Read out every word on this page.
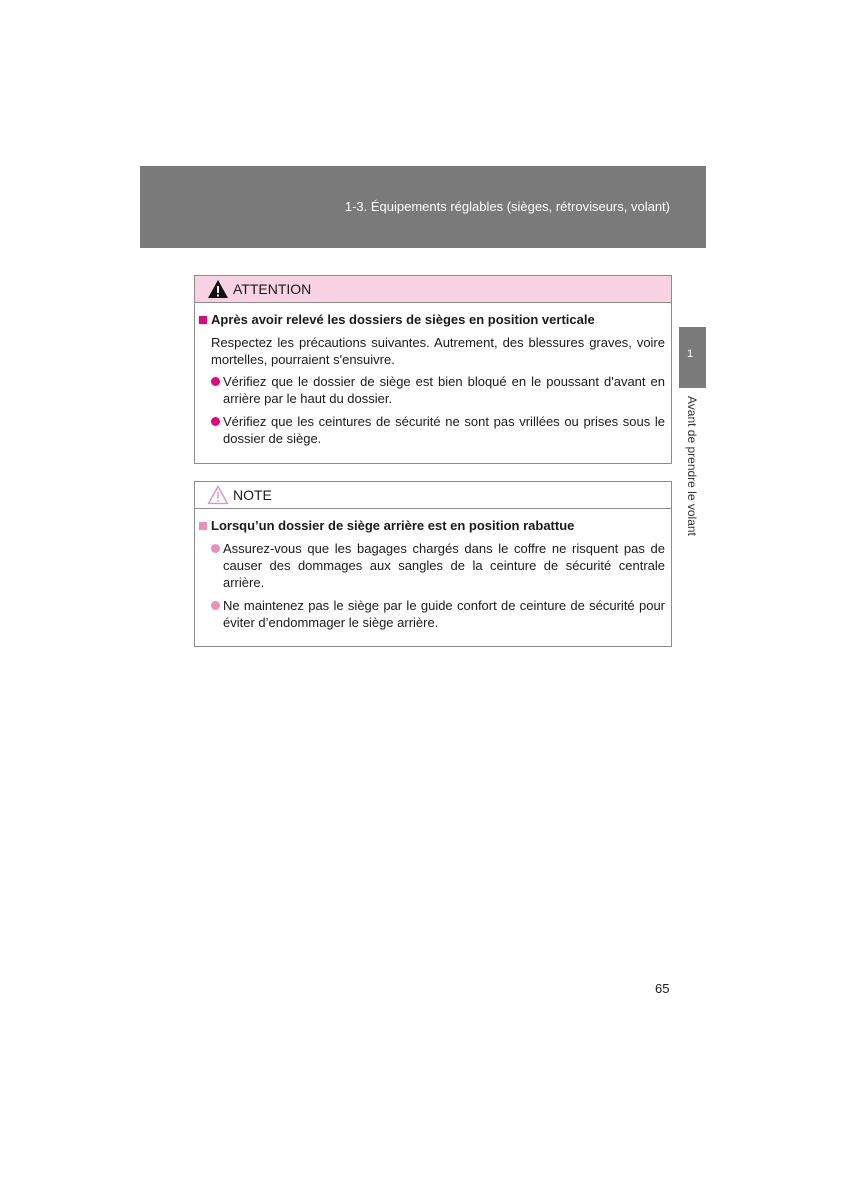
1-3. Équipements réglables (sièges, rétroviseurs, volant)
1
Avant de prendre le volant
ATTENTION
Après avoir relevé les dossiers de sièges en position verticale
Respectez les précautions suivantes. Autrement, des blessures graves, voire mortelles, pourraient s'ensuivre.
Vérifiez que le dossier de siège est bien bloqué en le poussant d'avant en arrière par le haut du dossier.
Vérifiez que les ceintures de sécurité ne sont pas vrillées ou prises sous le dossier de siège.
NOTE
Lorsqu’un dossier de siège arrière est en position rabattue
Assurez-vous que les bagages chargés dans le coffre ne risquent pas de causer des dommages aux sangles de la ceinture de sécurité centrale arrière.
Ne maintenez pas le siège par le guide confort de ceinture de sécurité pour éviter d’endommager le siège arrière.
65
